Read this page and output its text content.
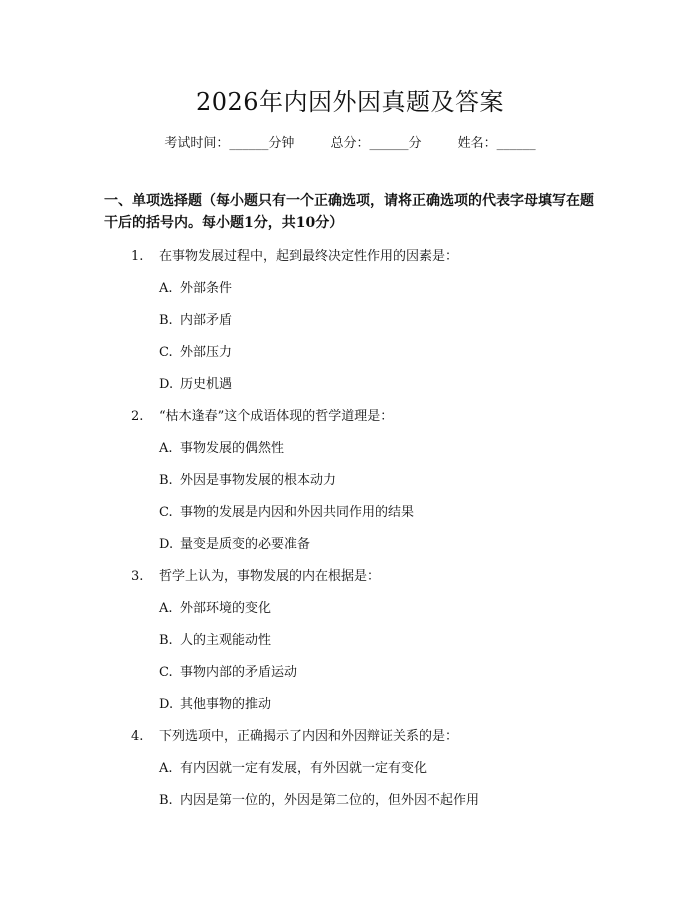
2026年内因外因真题及答案
考试时间：______分钟	总分：______分	姓名：______

一、单项选择题（每小题只有一个正确选项，请将正确选项的代表字母填写在题干后的括号内。每小题1分，共10分）

1. 在事物发展过程中，起到最终决定性作用的因素是：
A. 外部条件
B. 内部矛盾
C. 外部压力
D. 历史机遇
2. “枯木逢春”这个成语体现的哲学道理是：
A. 事物发展的偶然性
B. 外因是事物发展的根本动力
C. 事物的发展是内因和外因共同作用的结果
D. 量变是质变的必要准备
3. 哲学上认为，事物发展的内在根据是：
A. 外部环境的变化
B. 人的主观能动性
C. 事物内部的矛盾运动
D. 其他事物的推动
4. 下列选项中，正确揭示了内因和外因辩证关系的是：
A. 有内因就一定有发展，有外因就一定有变化
B. 内因是第一位的，外因是第二位的，但外因不起作用
